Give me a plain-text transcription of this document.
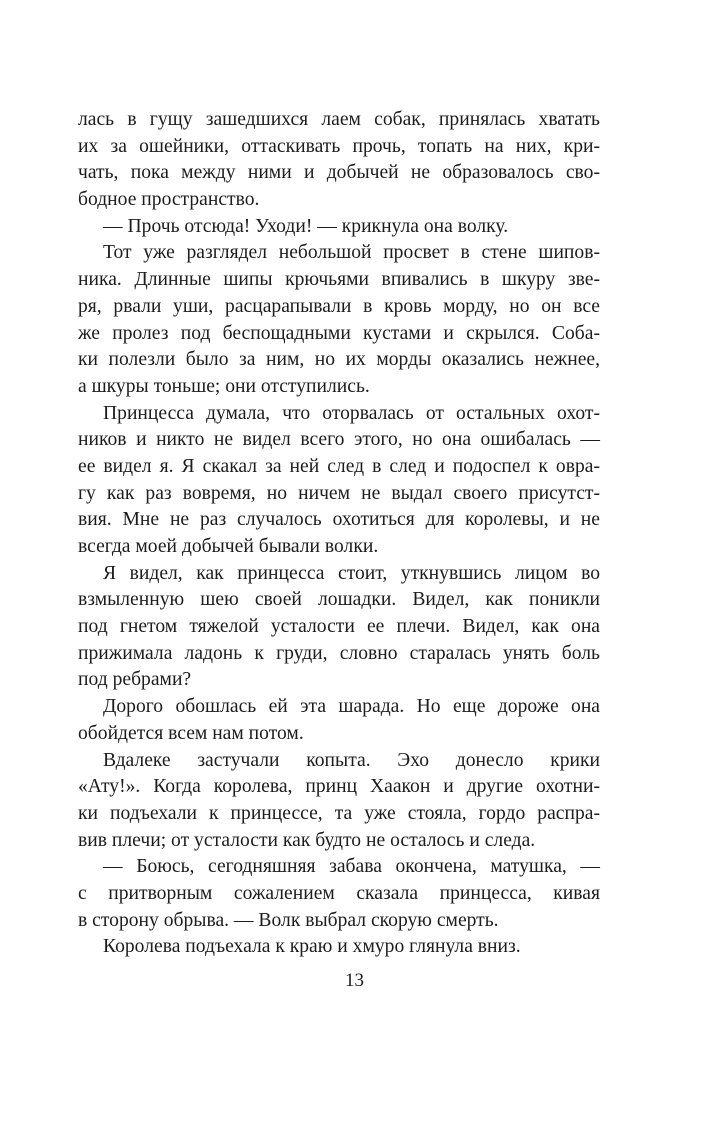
лась в гущу зашедшихся лаем собак, принялась хватать
их за ошейники, оттаскивать прочь, топать на них, кри-
чать, пока между ними и добычей не образовалось сво-
бодное пространство.
— Прочь отсюда! Уходи! — крикнула она волку.
Тот уже разглядел небольшой просвет в стене шипов-
ника. Длинные шипы крючьями впивались в шкуру зве-
ря, рвали уши, расцарапывали в кровь морду, но он все
же пролез под беспощадными кустами и скрылся. Соба-
ки полезли было за ним, но их морды оказались нежнее,
а шкуры тоньше; они отступились.
Принцесса думала, что оторвалась от остальных охот-
ников и никто не видел всего этого, но она ошибалась —
ее видел я. Я скакал за ней след в след и подоспел к овра-
гу как раз вовремя, но ничем не выдал своего присутст-
вия. Мне не раз случалось охотиться для королевы, и не
всегда моей добычей бывали волки.
Я видел, как принцесса стоит, уткнувшись лицом во
взмыленную шею своей лошадки. Видел, как поникли
под гнетом тяжелой усталости ее плечи. Видел, как она
прижимала ладонь к груди, словно старалась унять боль
под ребрами?
Дорого обошлась ей эта шарада. Но еще дороже она
обойдется всем нам потом.
Вдалеке застучали копыта. Эхо донесло крики
«Ату!». Когда королева, принц Хаакон и другие охотни-
ки подъехали к принцессе, та уже стояла, гордо распра-
вив плечи; от усталости как будто не осталось и следа.
— Боюсь, сегодняшняя забава окончена, матушка, —
с притворным сожалением сказала принцесса, кивая
в сторону обрыва. — Волк выбрал скорую смерть.
Королева подъехала к краю и хмуро глянула вниз.
13
